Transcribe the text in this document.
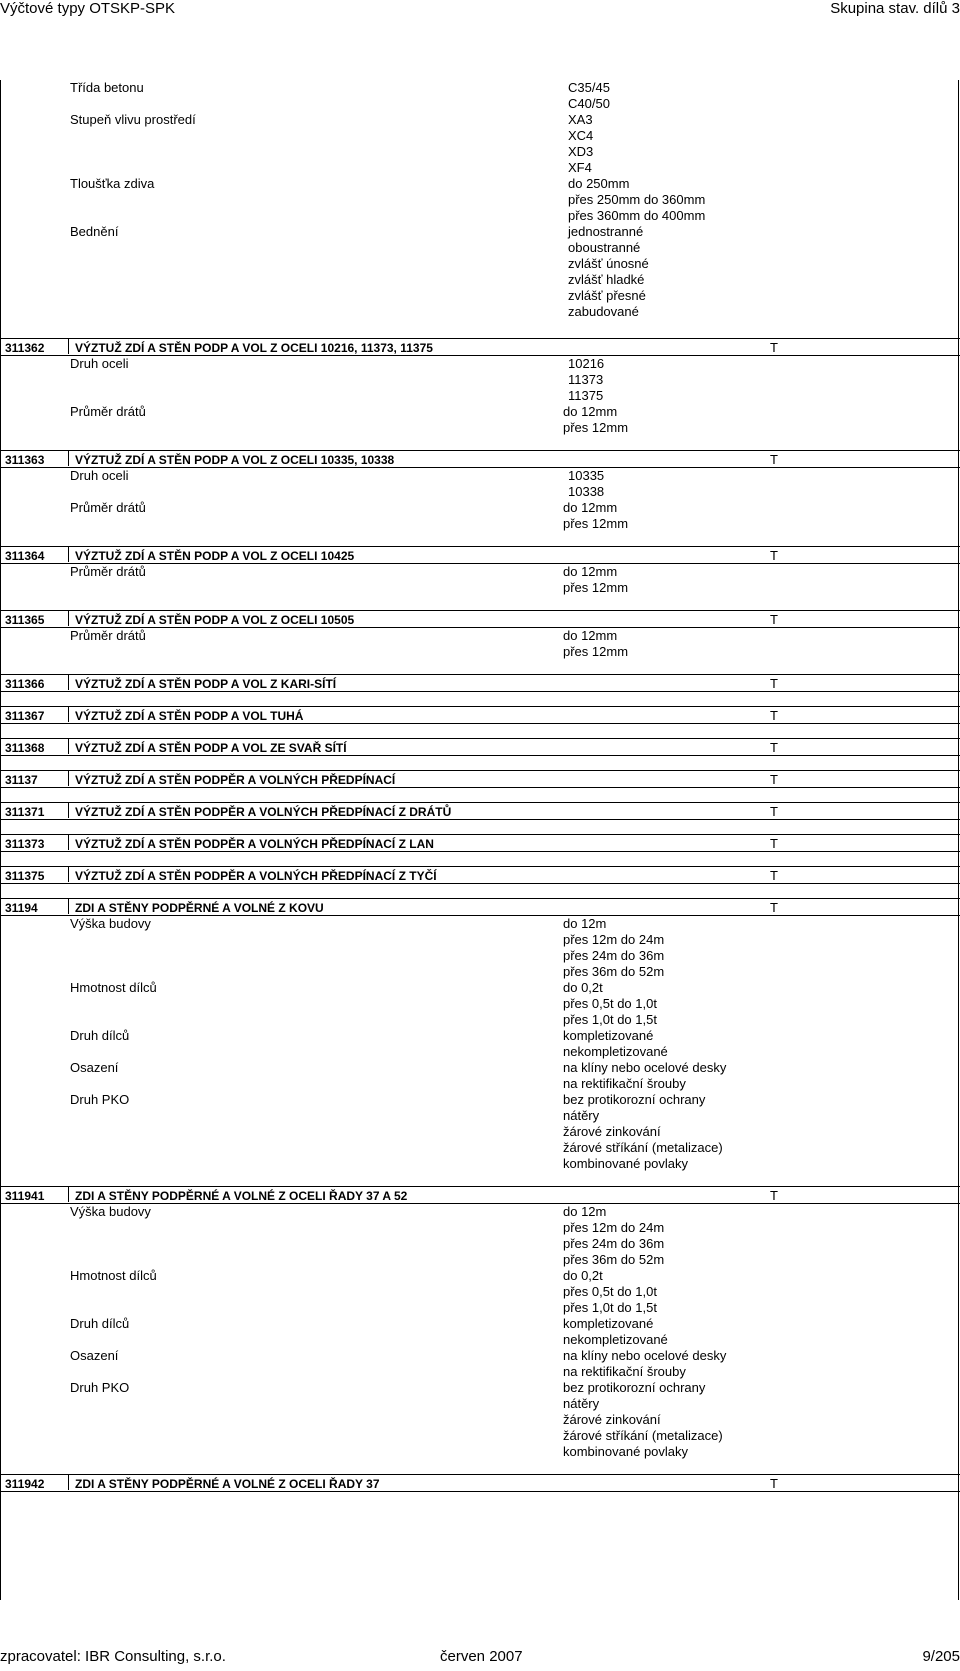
Výčtové typy OTSKP-SPK	Skupina stav. dílů 3
Třída betonu	C35/45
C40/50
Stupeň vlivu prostředí	XA3
XC4
XD3
XF4
Tloušťka zdiva	do 250mm
přes 250mm do 360mm
přes 360mm do 400mm
Bednění	jednostranné
oboustranné
zvlášť únosné
zvlášť hladké
zvlášť přesné
zabudované
311362	VÝZTUŽ ZDÍ A STĚN PODP A VOL Z OCELI 10216, 11373, 11375	T
Druh oceli	10216
11373
11375
Průměr drátů	do 12mm
přes 12mm
311363	VÝZTUŽ ZDÍ A STĚN PODP A VOL Z OCELI 10335, 10338	T
Druh oceli	10335
10338
Průměr drátů	do 12mm
přes 12mm
311364	VÝZTUŽ ZDÍ A STĚN PODP A VOL Z OCELI 10425	T
Průměr drátů	do 12mm
přes 12mm
311365	VÝZTUŽ ZDÍ A STĚN PODP A VOL Z OCELI 10505	T
Průměr drátů	do 12mm
přes 12mm
311366	VÝZTUŽ ZDÍ A STĚN PODP A VOL Z KARI-SÍTÍ	T
311367	VÝZTUŽ ZDÍ A STĚN PODP A VOL TUHÁ	T
311368	VÝZTUŽ ZDÍ A STĚN PODP A VOL ZE SVAŘ SÍTÍ	T
31137	VÝZTUŽ ZDÍ A STĚN PODPĚR A VOLNÝCH PŘEDPÍNACÍ	T
311371	VÝZTUŽ ZDÍ A STĚN PODPĚR A VOLNÝCH PŘEDPÍNACÍ Z DRÁTŮ	T
311373	VÝZTUŽ ZDÍ A STĚN PODPĚR A VOLNÝCH PŘEDPÍNACÍ Z LAN	T
311375	VÝZTUŽ ZDÍ A STĚN PODPĚR A VOLNÝCH PŘEDPÍNACÍ Z TYČÍ	T
31194	ZDI A STĚNY PODPĚRNÉ A VOLNÉ Z KOVU	T
Výška budovy	do 12m
přes 12m do 24m
přes 24m do 36m
přes 36m do 52m
Hmotnost dílců	do 0,2t
přes 0,5t do 1,0t
přes 1,0t do 1,5t
Druh dílců	kompletizované
nekompletizované
Osazení	na klíny nebo ocelové desky
na rektifikační šrouby
Druh PKO	bez protikorozní ochrany
nátěry
žárové zinkování
žárové stříkání (metalizace)
kombinované povlaky
311941	ZDI A STĚNY PODPĚRNÉ A VOLNÉ Z OCELI ŘADY 37 A 52	T
Výška budovy	do 12m
přes 12m do 24m
přes 24m do 36m
přes 36m do 52m
Hmotnost dílců	do 0,2t
přes 0,5t do 1,0t
přes 1,0t do 1,5t
Druh dílců	kompletizované
nekompletizované
Osazení	na klíny nebo ocelové desky
na rektifikační šrouby
Druh PKO	bez protikorozní ochrany
nátěry
žárové zinkování
žárové stříkání (metalizace)
kombinované povlaky
311942	ZDI A STĚNY PODPĚRNÉ A VOLNÉ Z OCELI ŘADY 37	T
zpracovatel: IBR Consulting, s.r.o.	červen 2007	9/205
